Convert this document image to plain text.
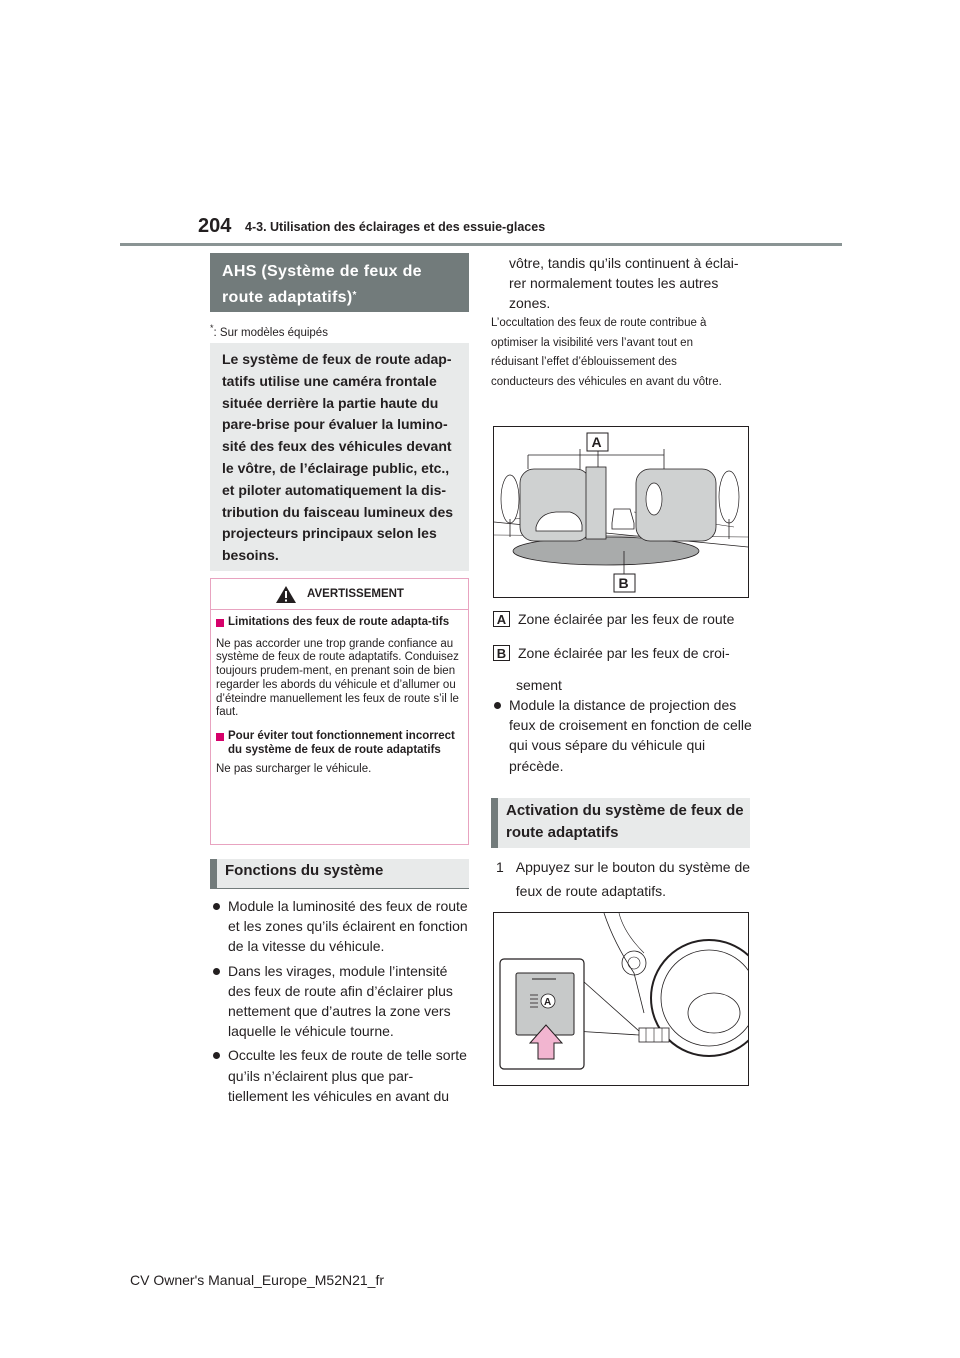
204 4-3. Utilisation des éclairages et des essuie-glaces
AHS (Système de feux de
route adaptatifs)*
*: Sur modèles équipés
Le système de feux de route adap-tatifs utilise une caméra frontale située derrière la partie haute du pare-brise pour évaluer la lumino-sité des feux des véhicules devant le vôtre, de l’éclairage public, etc., et piloter automatiquement la dis-tribution du faisceau lumineux des projecteurs principaux selon les besoins.
AVERTISSEMENT
Limitations des feux de route adapta-tifs
Ne pas accorder une trop grande confiance au système de feux de route adaptatifs. Conduisez toujours prudem-ment, en prenant soin de bien regarder les abords du véhicule et d’allumer ou d’éteindre manuellement les feux de route s’il le faut.
Pour éviter tout fonctionnement incorrect du système de feux de route adaptatifs
Ne pas surcharger le véhicule.
Fonctions du système
Module la luminosité des feux de route et les zones qu’ils éclairent en fonction de la vitesse du véhicule.
Dans les virages, module l’intensité des feux de route afin d’éclairer plus nettement que d’autres la zone vers laquelle le véhicule tourne.
Occulte les feux de route de telle sorte qu’ils n’éclairent plus que par-tiellement les véhicules en avant du
vôtre, tandis qu’ils continuent à éclai-rer normalement toutes les autres zones.
L’occultation des feux de route contribue à optimiser la visibilité vers l’avant tout en réduisant l’effet d’éblouissement des conducteurs des véhicules en avant du vôtre.
A
B
A Zone éclairée par les feux de route
B Zone éclairée par les feux de croi-
sement
Module la distance de projection des feux de croisement en fonction de celle qui vous sépare du véhicule qui précède.
Activation du système de feux de route adaptatifs
1 Appuyez sur le bouton du système de feux de route adaptatifs.
A
CV Owner's Manual_Europe_M52N21_fr
